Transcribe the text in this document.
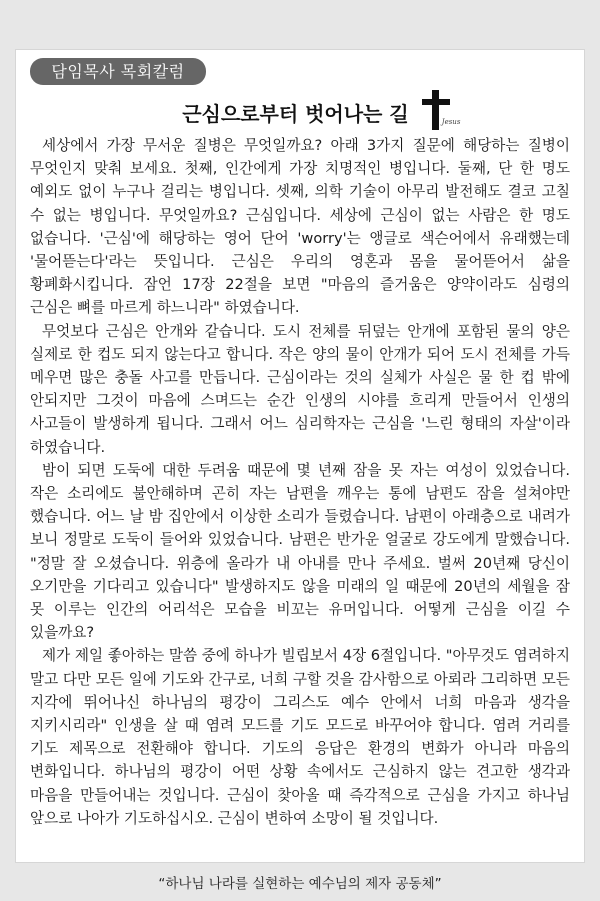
담임목사 목회칼럼
근심으로부터 벗어나는 길	Jesus

세상에서 가장 무서운 질병은 무엇일까요? 아래 3가지 질문에 해당하는 질병이 무엇인지 맞춰 보세요. 첫째, 인간에게 가장 치명적인 병입니다. 둘째, 단 한 명도 예외도 없이 누구나 걸리는 병입니다. 셋째, 의학 기술이 아무리 발전해도 결코 고칠 수 없는 병입니다. 무엇일까요? 근심입니다. 세상에 근심이 없는 사람은 한 명도 없습니다. '근심'에 해당하는 영어 단어 'worry'는 앵글로 색슨어에서 유래했는데 '물어뜯는다'라는 뜻입니다. 근심은 우리의 영혼과 몸을 물어뜯어서 삶을 황폐화시킵니다. 잠언 17장 22절을 보면 "마음의 즐거움은 양약이라도 심령의 근심은 뼈를 마르게 하느니라" 하였습니다.

무엇보다 근심은 안개와 같습니다. 도시 전체를 뒤덮는 안개에 포함된 물의 양은 실제로 한 컵도 되지 않는다고 합니다. 작은 양의 물이 안개가 되어 도시 전체를 가득 메우면 많은 충돌 사고를 만듭니다. 근심이라는 것의 실체가 사실은 물 한 컵 밖에 안되지만 그것이 마음에 스며드는 순간 인생의 시야를 흐리게 만들어서 인생의 사고들이 발생하게 됩니다. 그래서 어느 심리학자는 근심을 '느린 형태의 자살'이라 하였습니다.

밤이 되면 도둑에 대한 두려움 때문에 몇 년째 잠을 못 자는 여성이 있었습니다. 작은 소리에도 불안해하며 곤히 자는 남편을 깨우는 통에 남편도 잠을 설쳐야만 했습니다. 어느 날 밤 집안에서 이상한 소리가 들렸습니다. 남편이 아래층으로 내려가 보니 정말로 도둑이 들어와 있었습니다. 남편은 반가운 얼굴로 강도에게 말했습니다. "정말 잘 오셨습니다. 위층에 올라가 내 아내를 만나 주세요. 벌써 20년째 당신이 오기만을 기다리고 있습니다" 발생하지도 않을 미래의 일 때문에 20년의 세월을 잠 못 이루는 인간의 어리석은 모습을 비꼬는 유머입니다. 어떻게 근심을 이길 수 있을까요?

제가 제일 좋아하는 말씀 중에 하나가 빌립보서 4장 6절입니다. "아무것도 염려하지 말고 다만 모든 일에 기도와 간구로, 너희 구할 것을 감사함으로 아뢰라 그리하면 모든 지각에 뛰어나신 하나님의 평강이 그리스도 예수 안에서 너희 마음과 생각을 지키시리라" 인생을 살 때 염려 모드를 기도 모드로 바꾸어야 합니다. 염려 거리를 기도 제목으로 전환해야 합니다. 기도의 응답은 환경의 변화가 아니라 마음의 변화입니다. 하나님의 평강이 어떤 상황 속에서도 근심하지 않는 견고한 생각과 마음을 만들어내는 것입니다. 근심이 찾아올 때 즉각적으로 근심을 가지고 하나님 앞으로 나아가 기도하십시오. 근심이 변하여 소망이 될 것입니다.

“하나님 나라를 실현하는 예수님의 제자 공동체”
